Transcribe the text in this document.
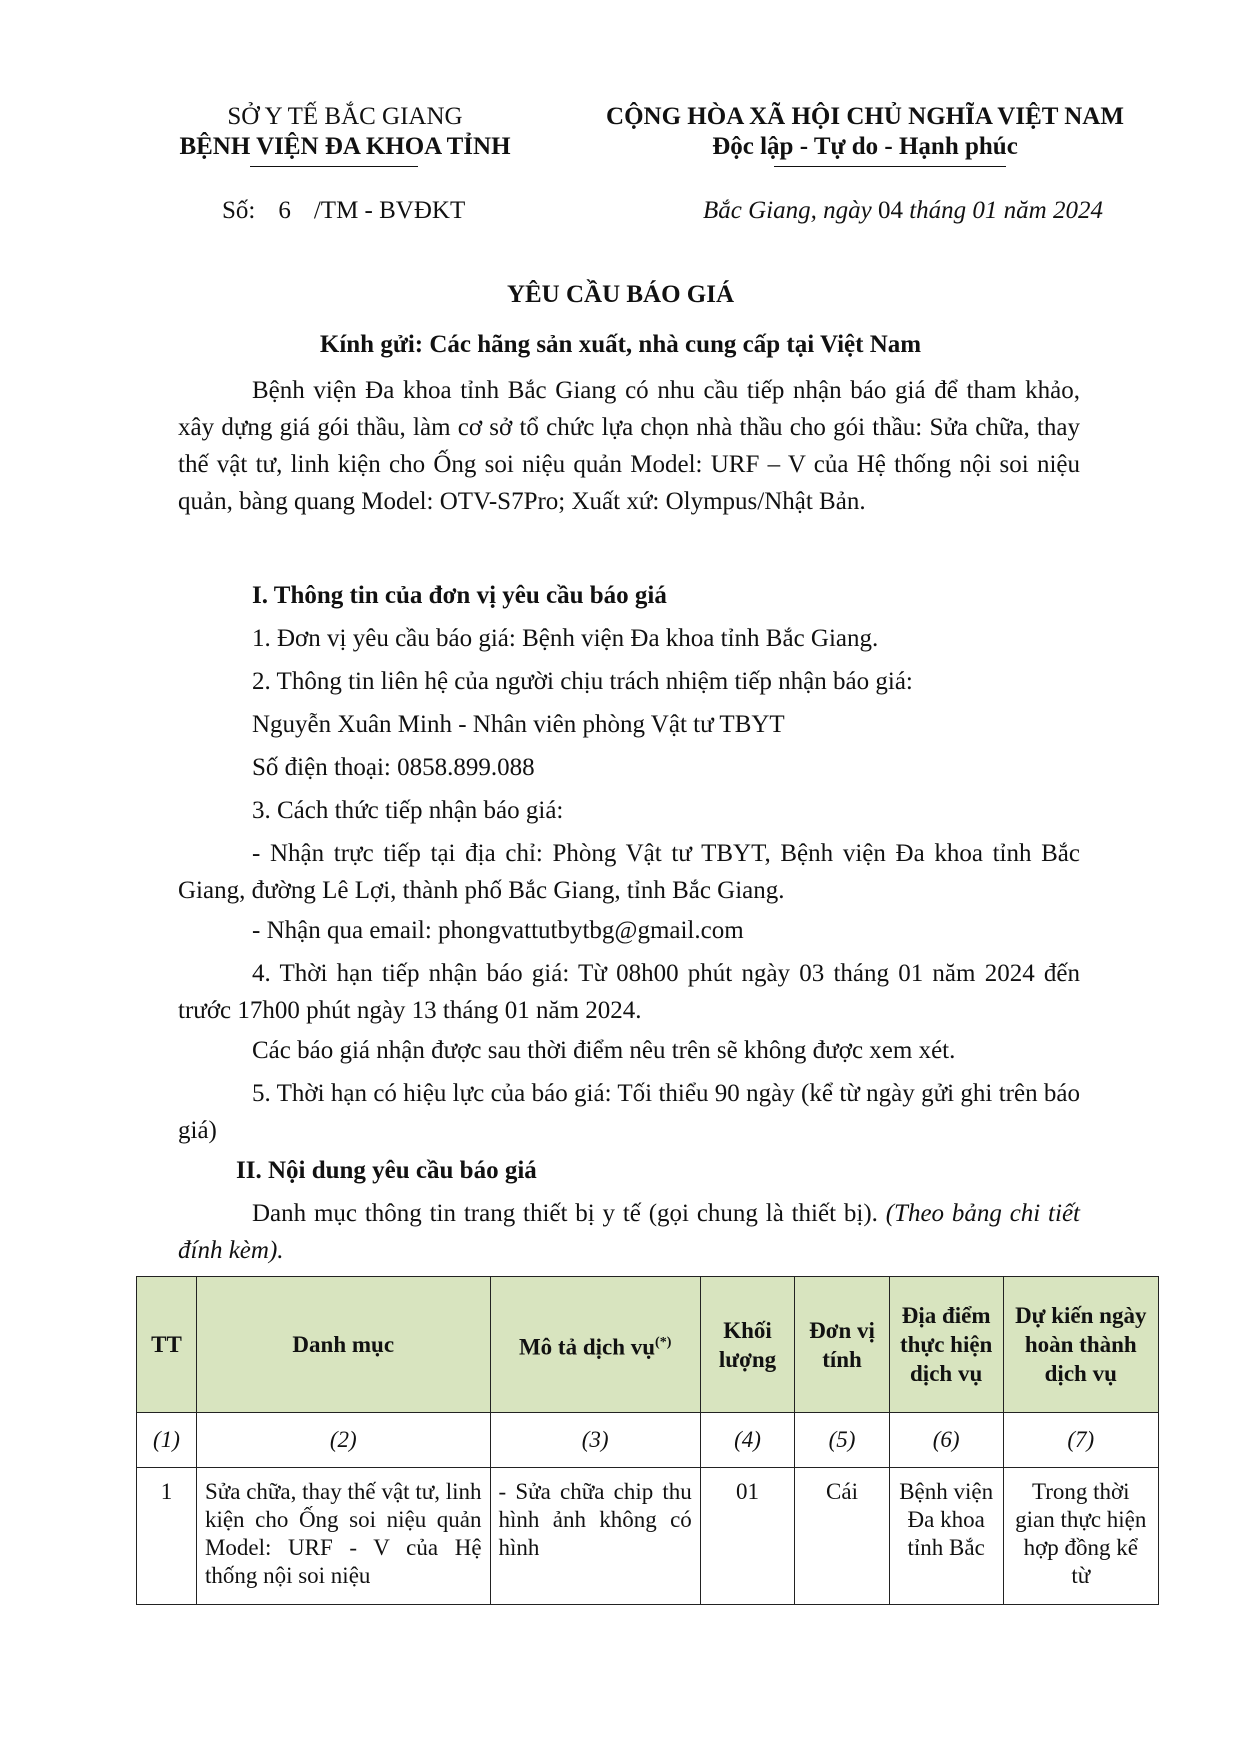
SỞ Y TẾ BẮC GIANG
BỆNH VIỆN ĐA KHOA TỈNH
CỘNG HÒA XÃ HỘI CHỦ NGHĨA VIỆT NAM
Độc lập - Tự do - Hạnh phúc
Số: 6 /TM - BVĐKT	Bắc Giang, ngày 04 tháng 01 năm 2024
YÊU CẦU BÁO GIÁ
Kính gửi: Các hãng sản xuất, nhà cung cấp tại Việt Nam
Bệnh viện Đa khoa tỉnh Bắc Giang có nhu cầu tiếp nhận báo giá để tham khảo, xây dựng giá gói thầu, làm cơ sở tổ chức lựa chọn nhà thầu cho gói thầu: Sửa chữa, thay thế vật tư, linh kiện cho Ống soi niệu quản Model: URF – V của Hệ thống nội soi niệu quản, bàng quang Model: OTV-S7Pro; Xuất xứ: Olympus/Nhật Bản.
I. Thông tin của đơn vị yêu cầu báo giá
1. Đơn vị yêu cầu báo giá: Bệnh viện Đa khoa tỉnh Bắc Giang.
2. Thông tin liên hệ của người chịu trách nhiệm tiếp nhận báo giá:
Nguyễn Xuân Minh - Nhân viên phòng Vật tư TBYT
Số điện thoại: 0858.899.088
3. Cách thức tiếp nhận báo giá:
- Nhận trực tiếp tại địa chỉ: Phòng Vật tư TBYT, Bệnh viện Đa khoa tỉnh Bắc Giang, đường Lê Lợi, thành phố Bắc Giang, tỉnh Bắc Giang.
- Nhận qua email: phongvattutbytbg@gmail.com
4. Thời hạn tiếp nhận báo giá: Từ 08h00 phút ngày 03 tháng 01 năm 2024 đến trước 17h00 phút ngày 13 tháng 01 năm 2024.
Các báo giá nhận được sau thời điểm nêu trên sẽ không được xem xét.
5. Thời hạn có hiệu lực của báo giá: Tối thiểu 90 ngày (kể từ ngày gửi ghi trên báo giá)
II. Nội dung yêu cầu báo giá
Danh mục thông tin trang thiết bị y tế (gọi chung là thiết bị). (Theo bảng chi tiết đính kèm).
TT	Danh mục	Mô tả dịch vụ(*)	Khối lượng	Đơn vị tính	Địa điểm thực hiện dịch vụ	Dự kiến ngày hoàn thành dịch vụ
(1)	(2)	(3)	(4)	(5)	(6)	(7)
1	Sửa chữa, thay thế vật tư, linh kiện cho Ống soi niệu quản Model: URF - V của Hệ thống nội soi niệu	- Sửa chữa chip thu hình ảnh không có hình	01	Cái	Bệnh viện Đa khoa tỉnh Bắc	Trong thời gian thực hiện hợp đồng kể từ
